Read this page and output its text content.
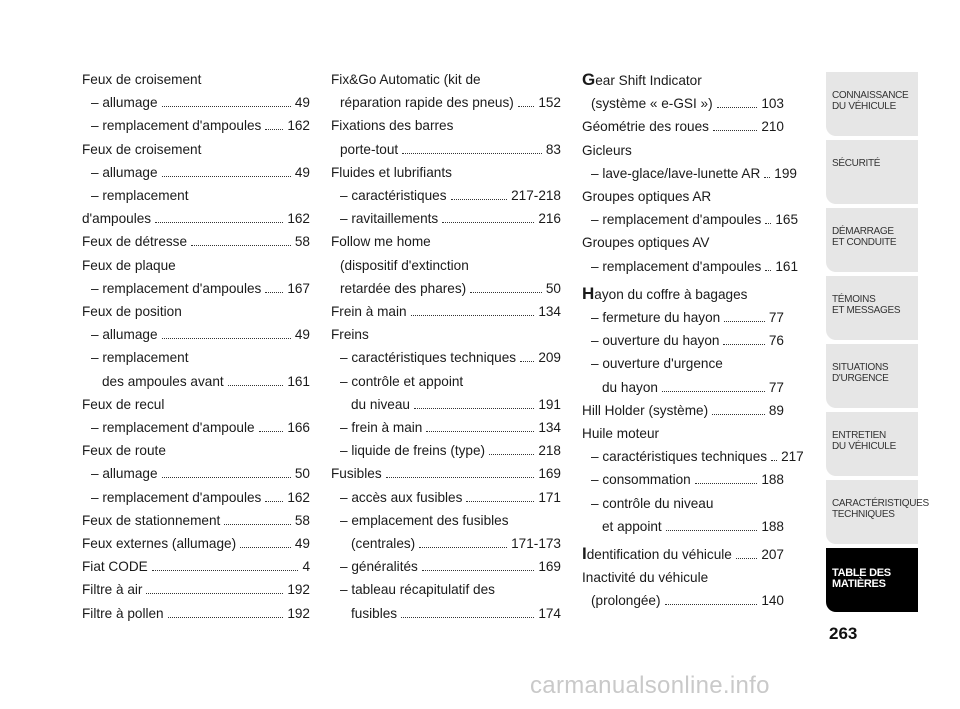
Feux de croisement
– allumage	49
– remplacement d'ampoules 162
Feux de croisement
– allumage	49
– remplacement
d'ampoules	162
Feux de détresse	58
Feux de plaque
– remplacement d'ampoules 167
Feux de position
– allumage	49
– remplacement
des ampoules avant	161
Feux de recul
– remplacement d'ampoule 166
Feux de route
– allumage	50
– remplacement d'ampoules 162
Feux de stationnement	58
Feux externes (allumage)	49
Fiat CODE	4
Filtre à air	192
Filtre à pollen	192
Fix&Go Automatic (kit de
réparation rapide des pneus) 152
Fixations des barres
porte-tout	83
Fluides et lubrifiants
– caractéristiques	217-218
– ravitaillements	216
Follow me home
(dispositif d'extinction
retardée des phares)	50
Frein à main	134
Freins
– caractéristiques techniques 209
– contrôle et appoint
du niveau	191
– frein à main	134
– liquide de freins (type)	218
Fusibles	169
– accès aux fusibles	171
– emplacement des fusibles
(centrales)	171-173
– généralités	169
– tableau récapitulatif des
fusibles	174
Gear Shift Indicator
(système « e-GSI »)	103
Géométrie des roues	210
Gicleurs
– lave-glace/lave-lunette AR 199
Groupes optiques AR
– remplacement d'ampoules 165
Groupes optiques AV
– remplacement d'ampoules 161
Hayon du coffre à bagages
– fermeture du hayon	77
– ouverture du hayon	76
– ouverture d'urgence
du hayon	77
Hill Holder (système)	89
Huile moteur
– caractéristiques techniques 217
– consommation	188
– contrôle du niveau
et appoint	188
Identification du véhicule 207
Inactivité du véhicule
(prolongée)	140
CONNAISSANCE
DU VÉHICULE
SÉCURITÉ
DÉMARRAGE
ET CONDUITE
TÉMOINS
ET MESSAGES
SITUATIONS
D'URGENCE
ENTRETIEN
DU VÉHICULE
CARACTÉRISTIQUES
TECHNIQUES
TABLE DES
MATIÈRES
263
carmanualsonline.info
